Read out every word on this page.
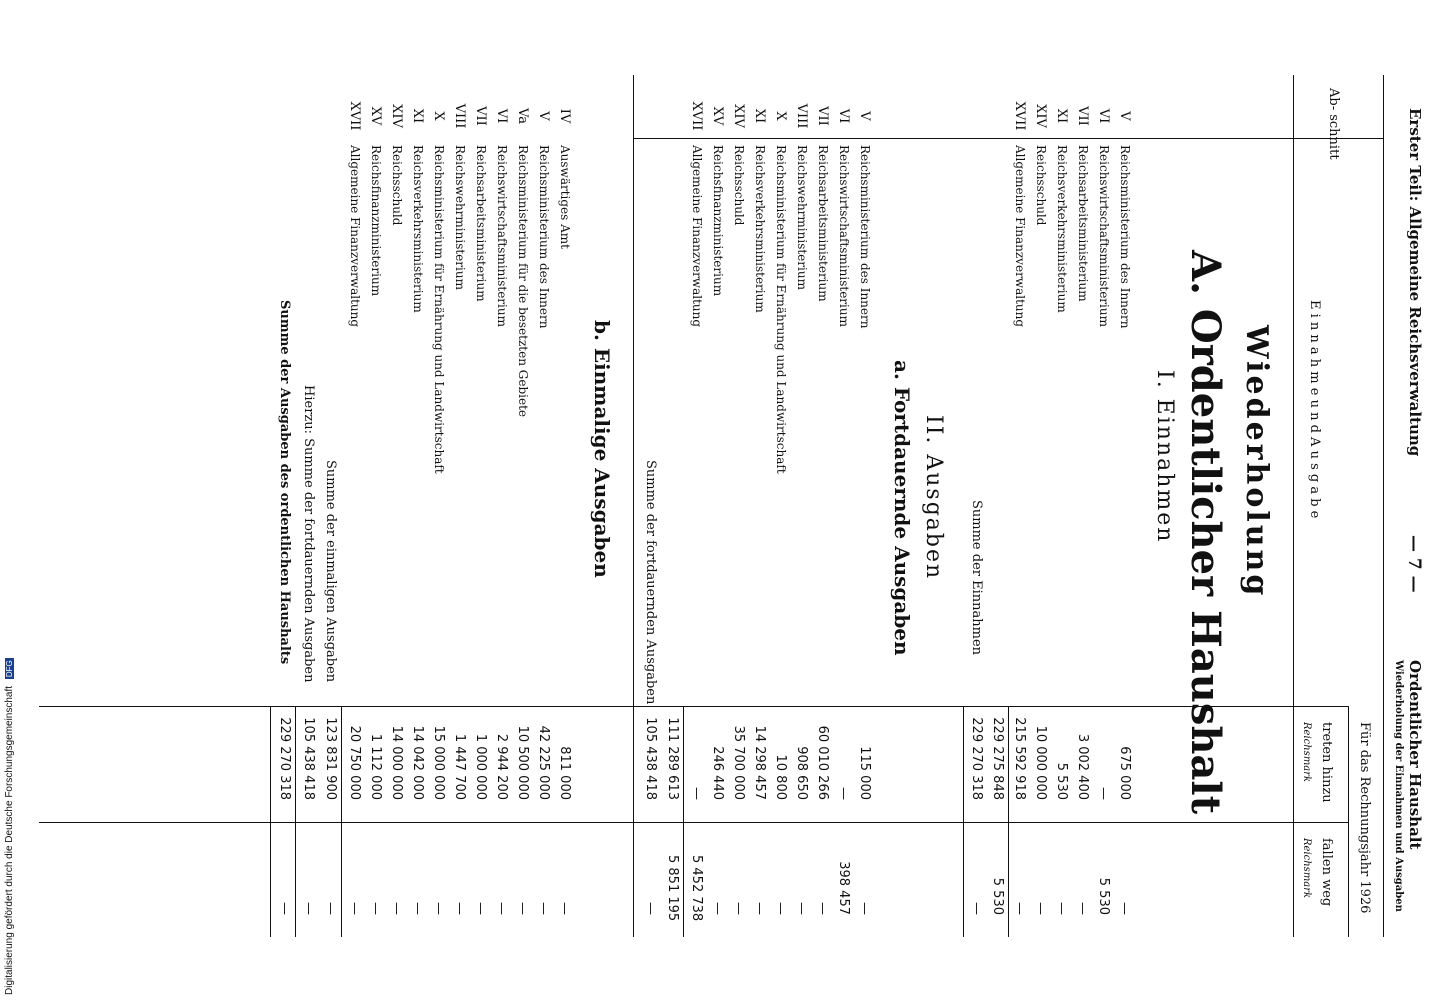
Erster Teil: Allgemeine Reichsverwaltung
— 7 —
Ordentlicher Haushalt
Wiederholung der Einnahmen und Ausgaben
Ab- schnitt
E i n n a h m e u n d A u s g a b e
Für das Rechnungsjahr 1926
treten hinzu
Reichsmark
fallen weg
Reichsmark
Wiederholung
A. Ordentlicher Haushalt
I. Einnahmen
V
Reichsministerium des Innern
675 000
—
VI
Reichswirtschaftsministerium
—
5 530
VII
Reichsarbeitsministerium
3 002 400
—
XI
Reichsverkehrsministerium
5 530
—
XIV
Reichsschuld
10 000 000
—
XVII
Allgemeine Finanzverwaltung
215 592 918
—
229 275 848
5 530
Summe der Einnahmen
229 270 318
—
II. Ausgaben
a. Fortdauernde Ausgaben
V
Reichsministerium des Innern
115 000
—
VI
Reichswirtschaftsministerium
—
398 457
VII
Reichsarbeitsministerium
60 010 266
—
VIII
Reichswehrministerium
908 650
—
X
Reichsministerium für Ernährung und Landwirtschaft
10 800
—
XI
Reichsverkehrsministerium
14 298 457
—
XIV
Reichsschuld
35 700 000
—
XV
Reichsfinanzministerium
246 440
—
XVII
Allgemeine Finanzverwaltung
—
5 452 738
111 289 613
5 851 195
Summe der fortdauernden Ausgaben
105 438 418
—
b. Einmalige Ausgaben
IV
Auswärtiges Amt
811 000
—
V
Reichsministerium des Innern
42 225 000
—
Va
Reichsministerium für die besetzten Gebiete
10 500 000
—
VI
Reichswirtschaftsministerium
2 944 200
—
VII
Reichsarbeitsministerium
1 000 000
—
VIII
Reichswehrministerium
1 447 700
—
X
Reichsministerium für Ernährung und Landwirtschaft
15 000 000
—
XI
Reichsverkehrsministerium
14 042 000
—
XIV
Reichsschuld
14 000 000
—
XV
Reichsfinanzministerium
1 112 000
—
XVII
Allgemeine Finanzverwaltung
20 750 000
—
Summe der einmaligen Ausgaben
123 831 900
—
Hierzu: Summe der fortdauernden Ausgaben
105 438 418
—
Summe der Ausgaben des ordentlichen Haushalts
229 270 318
—
Digitalisierung gefördert durch die Deutsche Forschungsgemeinschaft DFG
